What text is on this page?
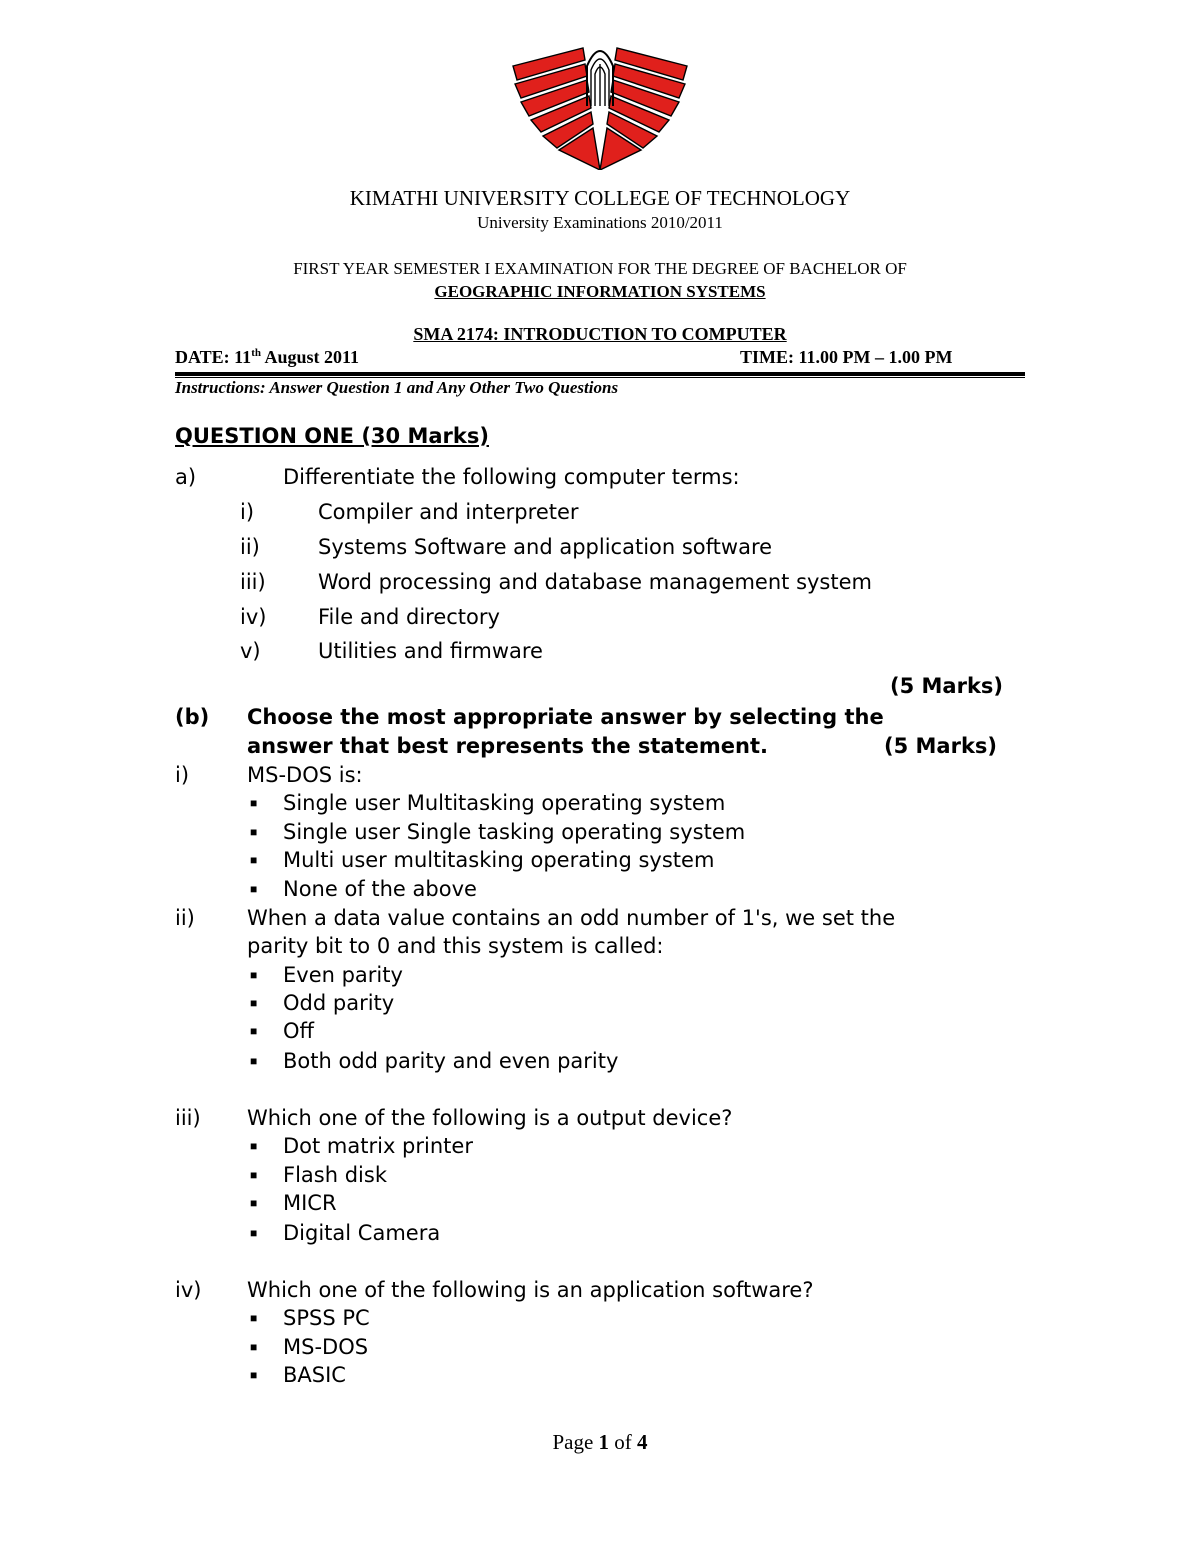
KIMATHI UNIVERSITY COLLEGE OF TECHNOLOGY
University Examinations 2010/2011
FIRST YEAR SEMESTER I EXAMINATION FOR THE DEGREE OF BACHELOR OF
GEOGRAPHIC INFORMATION SYSTEMS
SMA 2174: INTRODUCTION TO COMPUTER
DATE: 11th August 2011	TIME: 11.00 PM – 1.00 PM
Instructions: Answer Question 1 and Any Other Two Questions
QUESTION ONE (30 Marks)
a)	Differentiate the following computer terms:
i)	Compiler and interpreter
ii)	Systems Software and application software
iii) Word processing and database management system
iv) File and directory
v)	Utilities and firmware
(5 Marks)
(b) Choose the most appropriate answer by selecting the
answer that best represents the statement.	(5 Marks)
i)	MS-DOS is:
■ Single user Multitasking operating system
■ Single user Single tasking operating system
■ Multi user multitasking operating system
■ None of the above
ii) When a data value contains an odd number of 1's, we set the
parity bit to 0 and this system is called:
■ Even parity
■ Odd parity
■ Off
■ Both odd parity and even parity
iii) Which one of the following is a output device?
■ Dot matrix printer
■ Flash disk
■ MICR
■ Digital Camera
iv) Which one of the following is an application software?
■ SPSS PC
■ MS-DOS
■ BASIC
Page 1 of 4
